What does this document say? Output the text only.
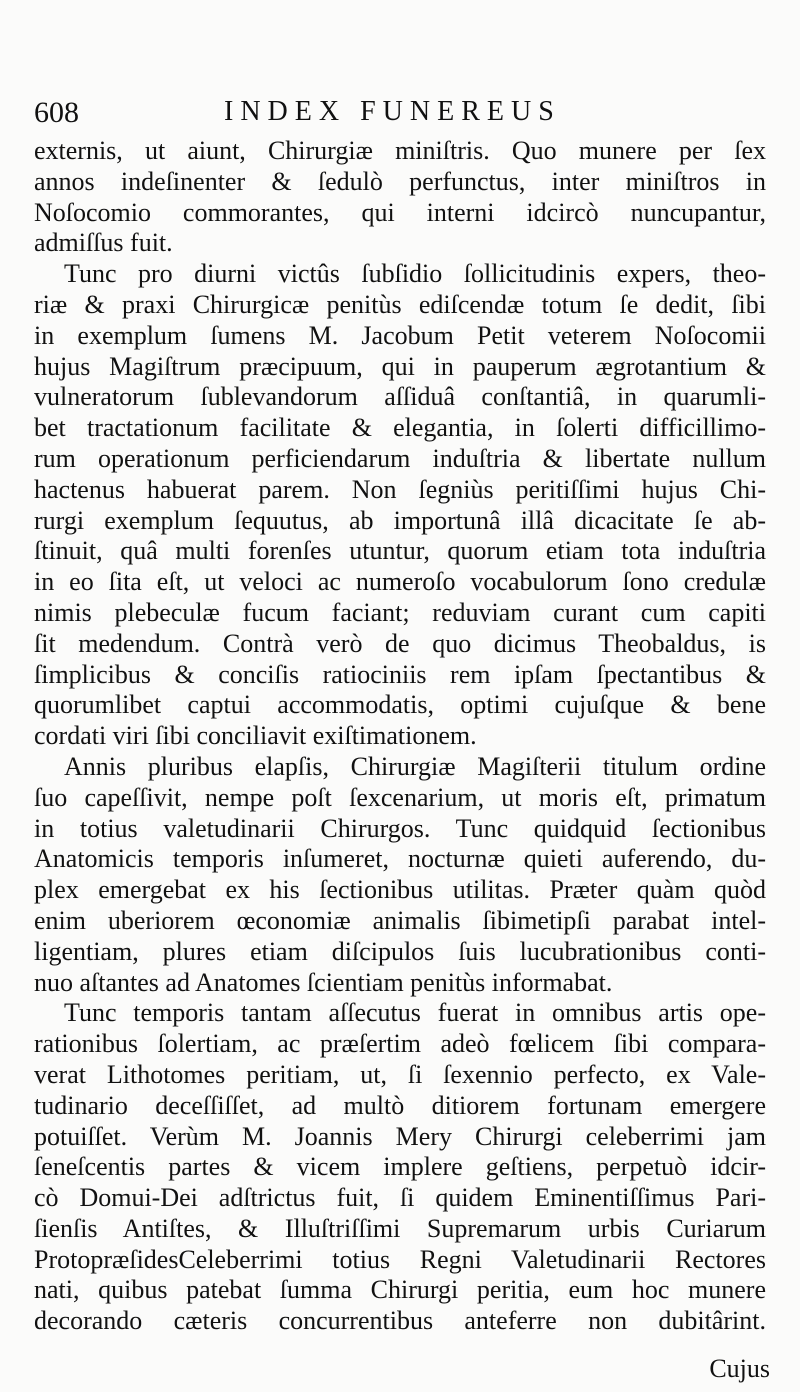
608	INDEX FUNEREUS
externis, ut aiunt, Chirurgiæ miniſtris. Quo munere per ſex
annos indeſinenter & ſedulò perfunctus, inter miniſtros in
Noſocomio commorantes, qui interni idcircò nuncupantur,
admiſſus fuit.
Tunc pro diurni victûs ſubſidio ſollicitudinis expers, theo-
riæ & praxi Chirurgicæ penitùs ediſcendæ totum ſe dedit, ſibi
in exemplum ſumens M. Jacobum Petit veterem Noſocomii
hujus Magiſtrum præcipuum, qui in pauperum ægrotantium &
vulneratorum ſublevandorum aſſiduâ conſtantiâ, in quarumli-
bet tractationum facilitate & elegantia, in ſolerti difficillimo-
rum operationum perficiendarum induſtria & libertate nullum
hactenus habuerat parem. Non ſegniùs peritiſſimi hujus Chi-
rurgi exemplum ſequutus, ab importunâ illâ dicacitate ſe ab-
ſtinuit, quâ multi forenſes utuntur, quorum etiam tota induſtria
in eo ſita eſt, ut veloci ac numeroſo vocabulorum ſono credulæ
nimis plebeculæ fucum faciant; reduviam curant cum capiti
ſit medendum. Contrà verò de quo dicimus Theobaldus, is
ſimplicibus & conciſis ratiociniis rem ipſam ſpectantibus &
quorumlibet captui accommodatis, optimi cujuſque & bene
cordati viri ſibi conciliavit exiſtimationem.
Annis pluribus elapſis, Chirurgiæ Magiſterii titulum ordine
ſuo capeſſivit, nempe poſt ſexcenarium, ut moris eſt, primatum
in totius valetudinarii Chirurgos. Tunc quidquid ſectionibus
Anatomicis temporis inſumeret, nocturnæ quieti auferendo, du-
plex emergebat ex his ſectionibus utilitas. Præter quàm quòd
enim uberiorem œconomiæ animalis ſibimetipſi parabat intel-
ligentiam, plures etiam diſcipulos ſuis lucubrationibus conti-
nuo aſtantes ad Anatomes ſcientiam penitùs informabat.
Tunc temporis tantam aſſecutus fuerat in omnibus artis ope-
rationibus ſolertiam, ac præſertim adeò fœlicem ſibi compara-
verat Lithotomes peritiam, ut, ſi ſexennio perfecto, ex Vale-
tudinario deceſſiſſet, ad multò ditiorem fortunam emergere
potuiſſet. Verùm M. Joannis Mery Chirurgi celeberrimi jam
ſeneſcentis partes & vicem implere geſtiens, perpetuò idcir-
cò Domui-Dei adſtrictus fuit, ſi quidem Eminentiſſimus Pari-
ſienſis Antiſtes, & Illuſtriſſimi Supremarum urbis Curiarum
ProtopræſidesCeleberrimi totius Regni Valetudinarii Rectores
nati, quibus patebat ſumma Chirurgi peritia, eum hoc munere
decorando cæteris concurrentibus anteferre non dubitârint.
Cujus
